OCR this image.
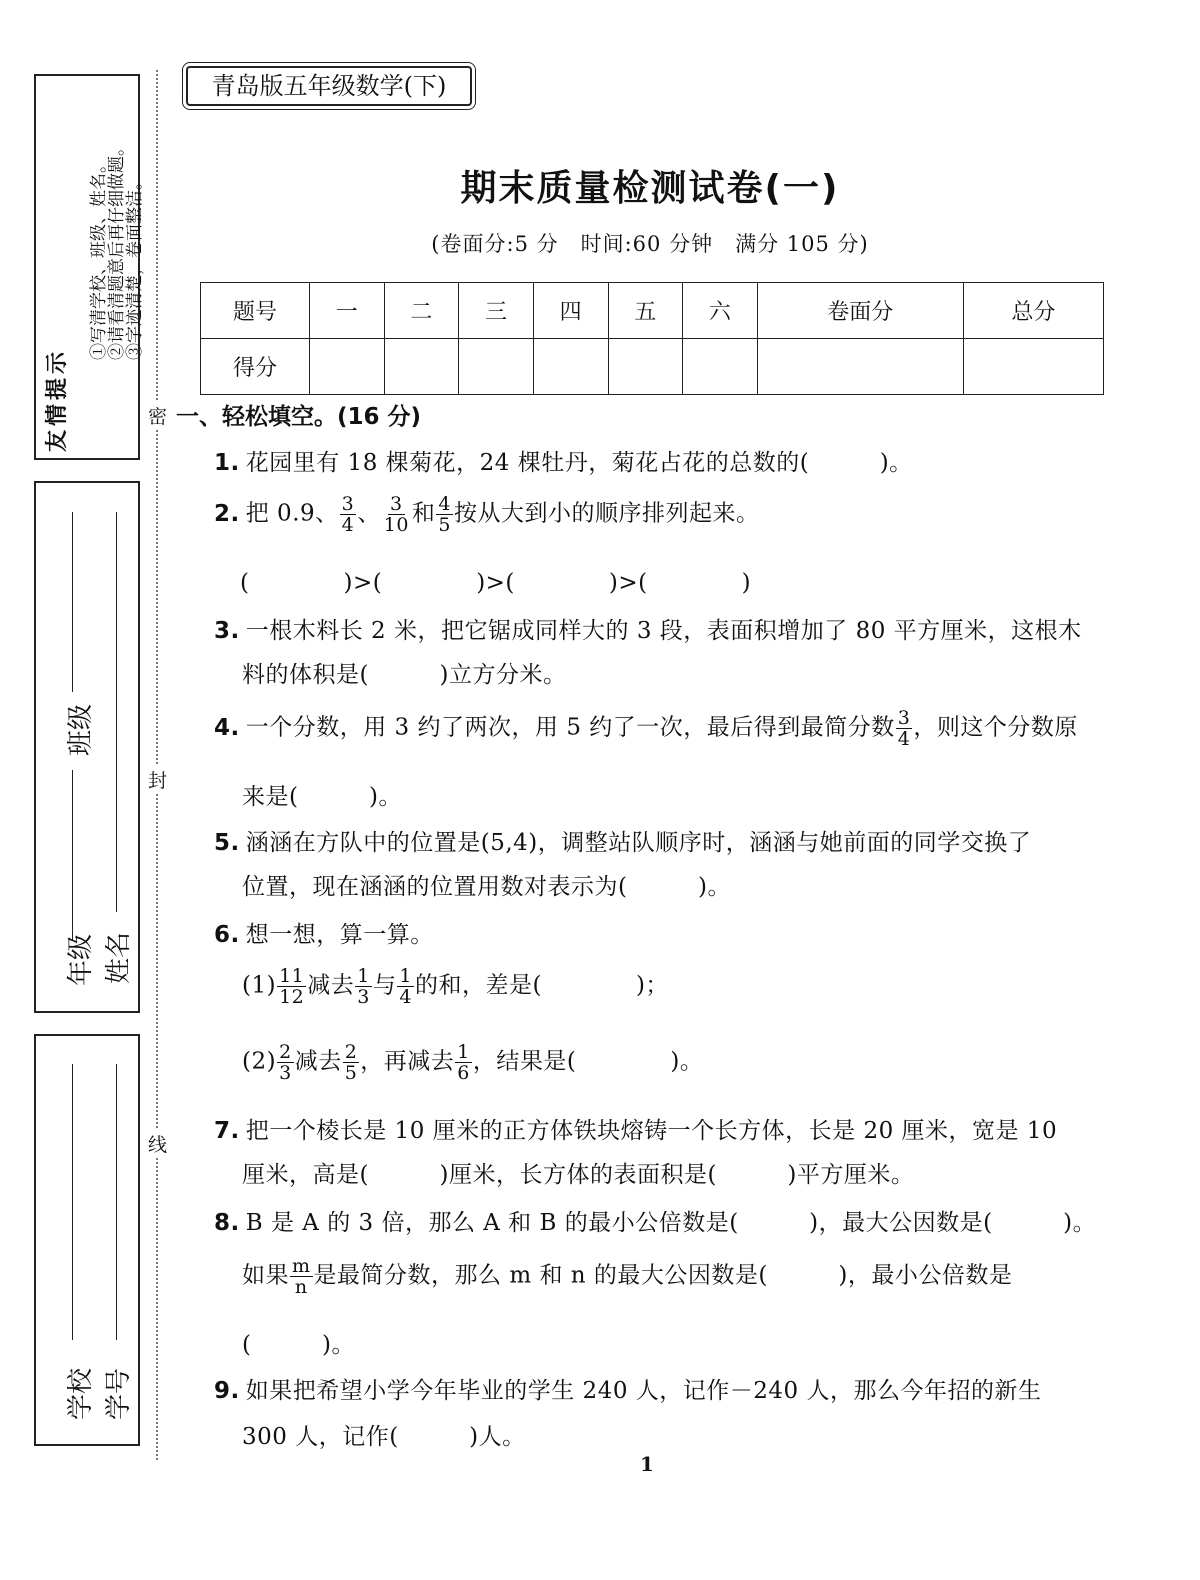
友情提示
①写清学校、班级、姓名。
②请看清题意后再仔细做题。
③字迹清楚，卷面整洁。
班级
年级 姓名
学校 学号
密
封
线
青岛版五年级数学(下)
期末质量检测试卷(一)
(卷面分:5 分　时间:60 分钟　满分 105 分)
题号	一	二	三	四	五	六	卷面分	总分
得分								
一、轻松填空。(16 分)
1. 花园里有 18 棵菊花，24 棵牡丹，菊花占花的总数的(　　　)。
2. 把 0.9、 $\frac{3}{4}$ 、 $\frac{3}{10}$ 和 $\frac{4}{5}$ 按从大到小的顺序排列起来。
(　　　　)>(　　　　)>(　　　　)>(　　　　)
3. 一根木料长 2 米，把它锯成同样大的 3 段，表面积增加了 80 平方厘米，这根木
料的体积是(　　　)立方分米。
4. 一个分数，用 3 约了两次，用 5 约了一次，最后得到最简分数 $\frac{3}{4}$ ，则这个分数原
来是(　　　)。
5. 涵涵在方队中的位置是(5,4)，调整站队顺序时，涵涵与她前面的同学交换了
位置，现在涵涵的位置用数对表示为(　　　)。
6. 想一想，算一算。
$(1) \frac{11}{12}$ 减去 $\frac{1}{3}$ 与 $\frac{1}{4}$ 的和，差是(　　　　)；
$(2) \frac{2}{3}$ 减去 $\frac{2}{5}$ ，再减去 $\frac{1}{6}$ ，结果是(　　　　)。
7. 把一个棱长是 10 厘米的正方体铁块熔铸一个长方体，长是 20 厘米，宽是 10
厘米，高是(　　　)厘米，长方体的表面积是(　　　)平方厘米。
8. B 是 A 的 3 倍，那么 A 和 B 的最小公倍数是(　　　)，最大公因数是(　　　)。
如果 $\frac{m}{n}$ 是最简分数，那么 m 和 n 的最大公因数是(　　　)，最小公倍数是
(　　　)。
9. 如果把希望小学今年毕业的学生 240 人，记作－240 人，那么今年招的新生
300 人，记作(　　　)人。
1
